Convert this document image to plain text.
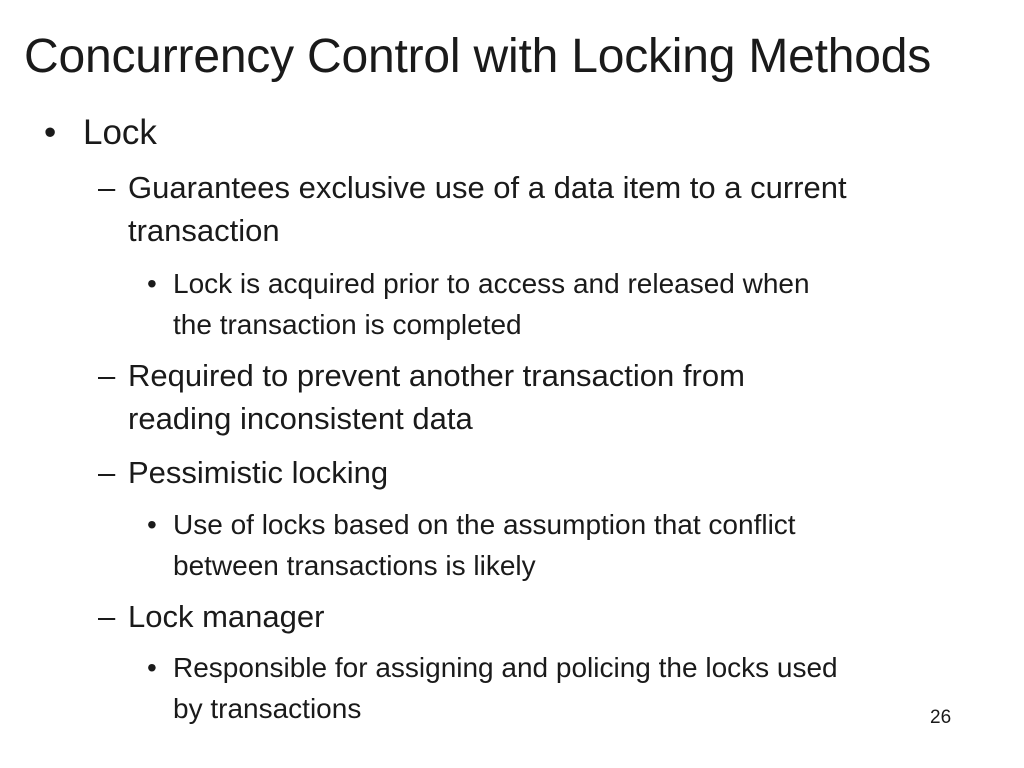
Concurrency Control with Locking Methods
• Lock
– Guarantees exclusive use of a data item to a current
transaction
• Lock is acquired prior to access and released when
the transaction is completed
– Required to prevent another transaction from
reading inconsistent data
– Pessimistic locking
• Use of locks based on the assumption that conflict
between transactions is likely
– Lock manager
• Responsible for assigning and policing the locks used
by transactions	26
